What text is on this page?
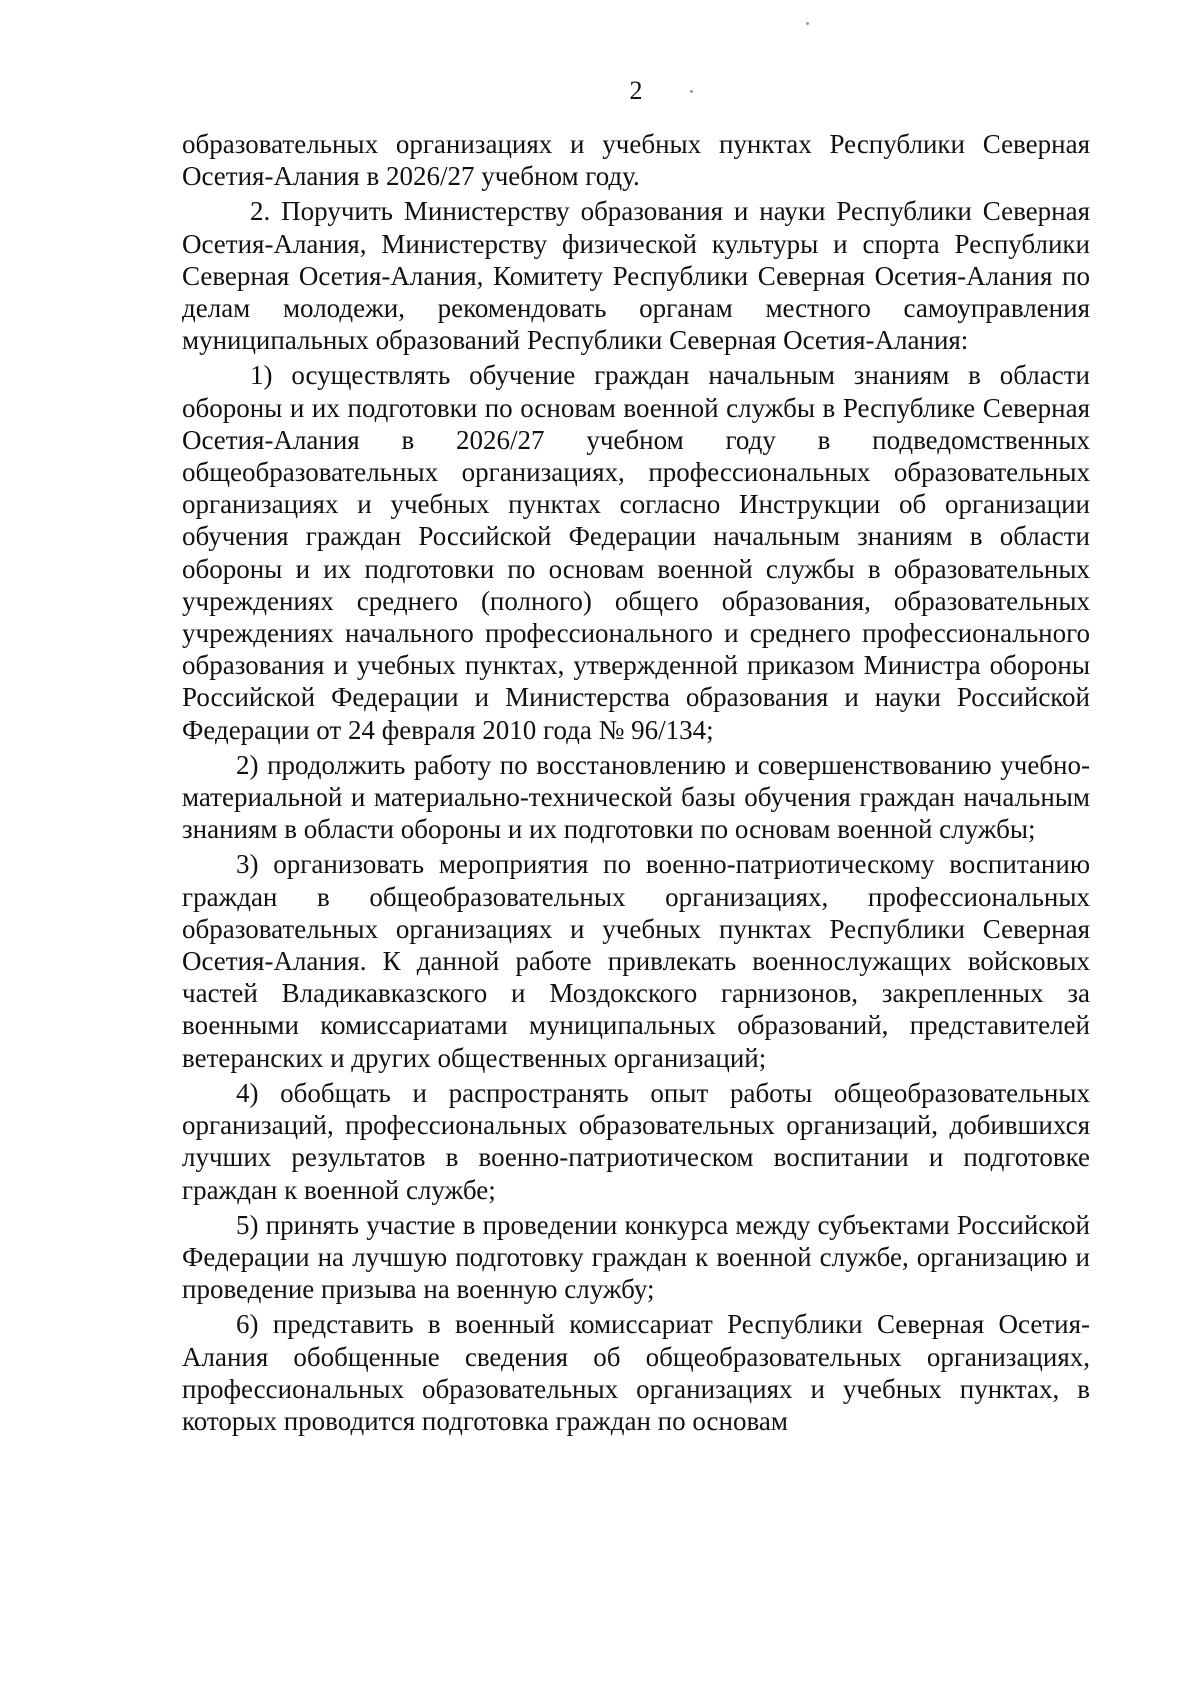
2

образовательных организациях и учебных пунктах Республики Северная Осетия-Алания в 2026/27 учебном году.

2. Поручить Министерству образования и науки Республики Северная Осетия-Алания, Министерству физической культуры и спорта Республики Северная Осетия-Алания, Комитету Республики Северная Осетия-Алания по делам молодежи, рекомендовать органам местного самоуправления муниципальных образований Республики Северная Осетия-Алания:

1) осуществлять обучение граждан начальным знаниям в области обороны и их подготовки по основам военной службы в Республике Северная Осетия-Алания в 2026/27 учебном году в подведомственных общеобразовательных организациях, профессиональных образовательных организациях и учебных пунктах согласно Инструкции об организации обучения граждан Российской Федерации начальным знаниям в области обороны и их подготовки по основам военной службы в образовательных учреждениях среднего (полного) общего образования, образовательных учреждениях начального профессионального и среднего профессионального образования и учебных пунктах, утвержденной приказом Министра обороны Российской Федерации и Министерства образования и науки Российской Федерации от 24 февраля 2010 года № 96/134;

2) продолжить работу по восстановлению и совершенствованию учебно-материальной и материально-технической базы обучения граждан начальным знаниям в области обороны и их подготовки по основам военной службы;

3) организовать мероприятия по военно-патриотическому воспитанию граждан в общеобразовательных организациях, профессиональных образовательных организациях и учебных пунктах Республики Северная Осетия-Алания. К данной работе привлекать военнослужащих войсковых частей Владикавказского и Моздокского гарнизонов, закрепленных за военными комиссариатами муниципальных образований, представителей ветеранских и других общественных организаций;

4) обобщать и распространять опыт работы общеобразовательных организаций, профессиональных образовательных организаций, добившихся лучших результатов в военно-патриотическом воспитании и подготовке граждан к военной службе;

5) принять участие в проведении конкурса между субъектами Российской Федерации на лучшую подготовку граждан к военной службе, организацию и проведение призыва на военную службу;

6) представить в военный комиссариат Республики Северная Осетия-Алания обобщенные сведения об общеобразовательных организациях, профессиональных образовательных организациях и учебных пунктах, в которых проводится подготовка граждан по основам
